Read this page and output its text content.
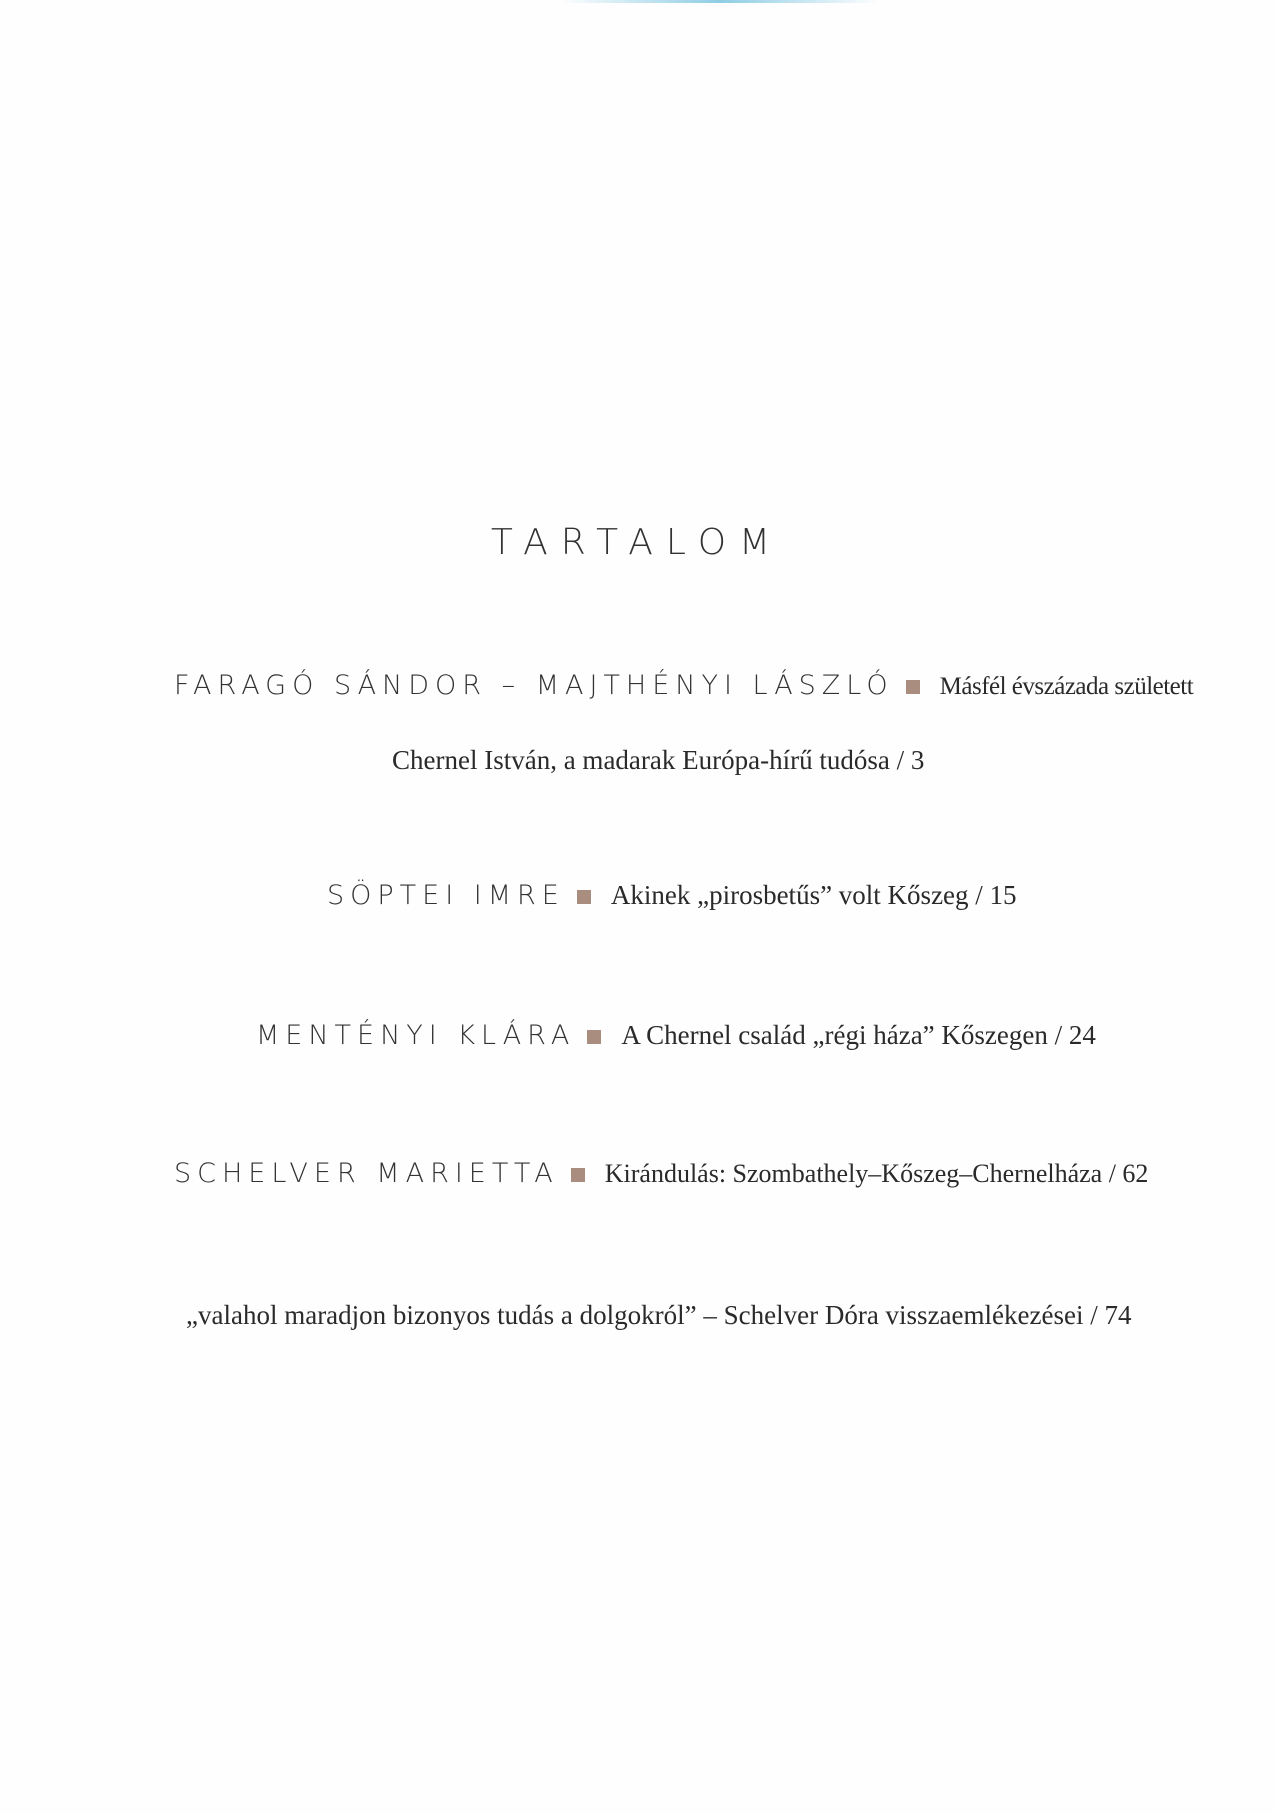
TARTALOM
FARAGÓ SÁNDOR – MAJTHÉNYI LÁSZLÓ Másfél évszázada született
Chernel István, a madarak Európa-hírű tudósa / 3
SÖPTEI IMRE Akinek „pirosbetűs” volt Kőszeg / 15
MENTÉNYI KLÁRA A Chernel család „régi háza” Kőszegen / 24
SCHELVER MARIETTA Kirándulás: Szombathely–Kőszeg–Chernelháza / 62
„valahol maradjon bizonyos tudás a dolgokról” – Schelver Dóra visszaemlékezései / 74
